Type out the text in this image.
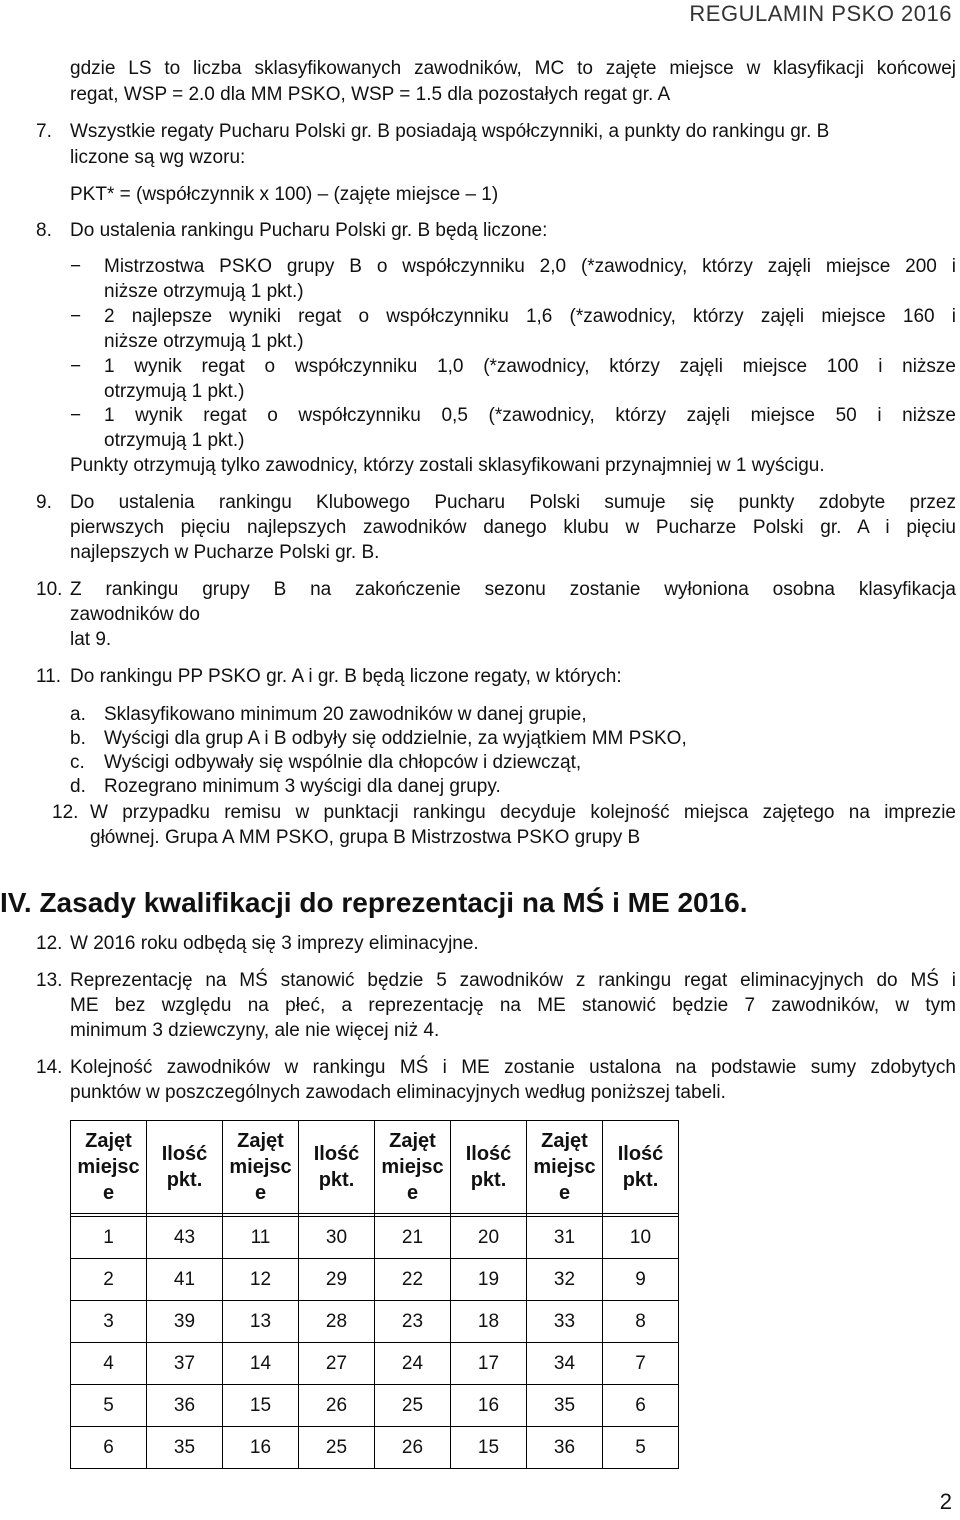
REGULAMIN PSKO 2016
gdzie LS to liczba sklasyfikowanych zawodników, MC to zajęte miejsce w klasyfikacji końcowej
regat, WSP = 2.0 dla MM PSKO, WSP = 1.5 dla pozostałych regat gr. A
7. Wszystkie regaty Pucharu Polski gr. B posiadają współczynniki, a punkty do rankingu gr. B
liczone są wg wzoru:
PKT* = (współczynnik x 100) – (zajęte miejsce – 1)
8. Do ustalenia rankingu Pucharu Polski gr. B będą liczone:
− Mistrzostwa PSKO grupy B o współczynniku 2,0 (*zawodnicy, którzy zajęli miejsce 200 i
niższe otrzymują 1 pkt.)
− 2 najlepsze wyniki regat o współczynniku 1,6 (*zawodnicy, którzy zajęli miejsce 160 i
niższe otrzymują 1 pkt.)
− 1 wynik regat o współczynniku 1,0 (*zawodnicy, którzy zajęli miejsce 100 i niższe
otrzymują 1 pkt.)
− 1 wynik regat o współczynniku 0,5 (*zawodnicy, którzy zajęli miejsce 50 i niższe
otrzymują 1 pkt.)
Punkty otrzymują tylko zawodnicy, którzy zostali sklasyfikowani przynajmniej w 1 wyścigu.
9. Do ustalenia rankingu Klubowego Pucharu Polski sumuje się punkty zdobyte przez
pierwszych pięciu najlepszych zawodników danego klubu w Pucharze Polski gr. A i pięciu
najlepszych w Pucharze Polski gr. B.
10. Z rankingu grupy B na zakończenie sezonu zostanie wyłoniona osobna klasyfikacja
zawodników do
lat 9.
11. Do rankingu PP PSKO gr. A i gr. B będą liczone regaty, w których:
a. Sklasyfikowano minimum 20 zawodników w danej grupie,
b. Wyścigi dla grup A i B odbyły się oddzielnie, za wyjątkiem MM PSKO,
c. Wyścigi odbywały się wspólnie dla chłopców i dziewcząt,
d. Rozegrano minimum 3 wyścigi dla danej grupy.
12. W przypadku remisu w punktacji rankingu decyduje kolejność miejsca zajętego na imprezie
głównej. Grupa A MM PSKO, grupa B Mistrzostwa PSKO grupy B
IV. Zasady kwalifikacji do reprezentacji na MŚ i ME 2016.
12. W 2016 roku odbędą się 3 imprezy eliminacyjne.
13. Reprezentację na MŚ stanowić będzie 5 zawodników z rankingu regat eliminacyjnych do MŚ i
ME bez względu na płeć, a reprezentację na ME stanowić będzie 7 zawodników, w tym
minimum 3 dziewczyny, ale nie więcej niż 4.
14. Kolejność zawodników w rankingu MŚ i ME zostanie ustalona na podstawie sumy zdobytych
punktów w poszczególnych zawodach eliminacyjnych według poniższej tabeli.
Zajęt
miejsc
e	Ilość
pkt.	Zajęt
miejsc
e	Ilość
pkt.	Zajęt
miejsc
e	Ilość
pkt.	Zajęt
miejsc
e	Ilość
pkt.

1	43	11	30	21	20	31	10
2	41	12	29	22	19	32	9
3	39	13	28	23	18	33	8
4	37	14	27	24	17	34	7
5	36	15	26	25	16	35	6
6	35	16	25	26	15	36	5
2
